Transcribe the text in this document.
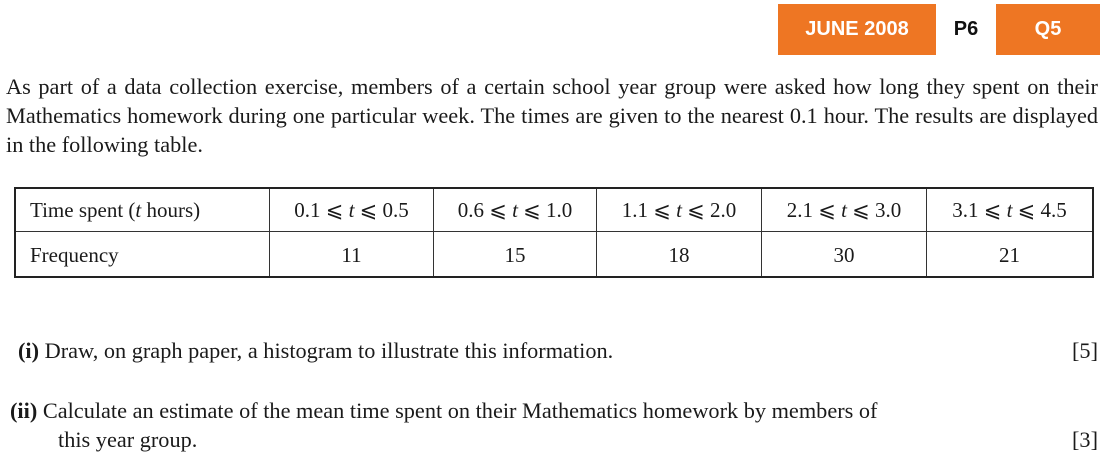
JUNE 2008	P6	Q5

As part of a data collection exercise, members of a certain school year group were asked how long they spent on their Mathematics homework during one particular week. The times are given to the nearest 0.1 hour. The results are displayed in the following table.

Time spent (t hours)	0.1 ⩽ t ⩽ 0.5	0.6 ⩽ t ⩽ 1.0	1.1 ⩽ t ⩽ 2.0	2.1 ⩽ t ⩽ 3.0	3.1 ⩽ t ⩽ 4.5
Frequency	11	15	18	30	21
(i) Draw, on graph paper, a histogram to illustrate this information.	[5]
(ii) Calculate an estimate of the mean time spent on their Mathematics homework by members of
this year group.	[3]
